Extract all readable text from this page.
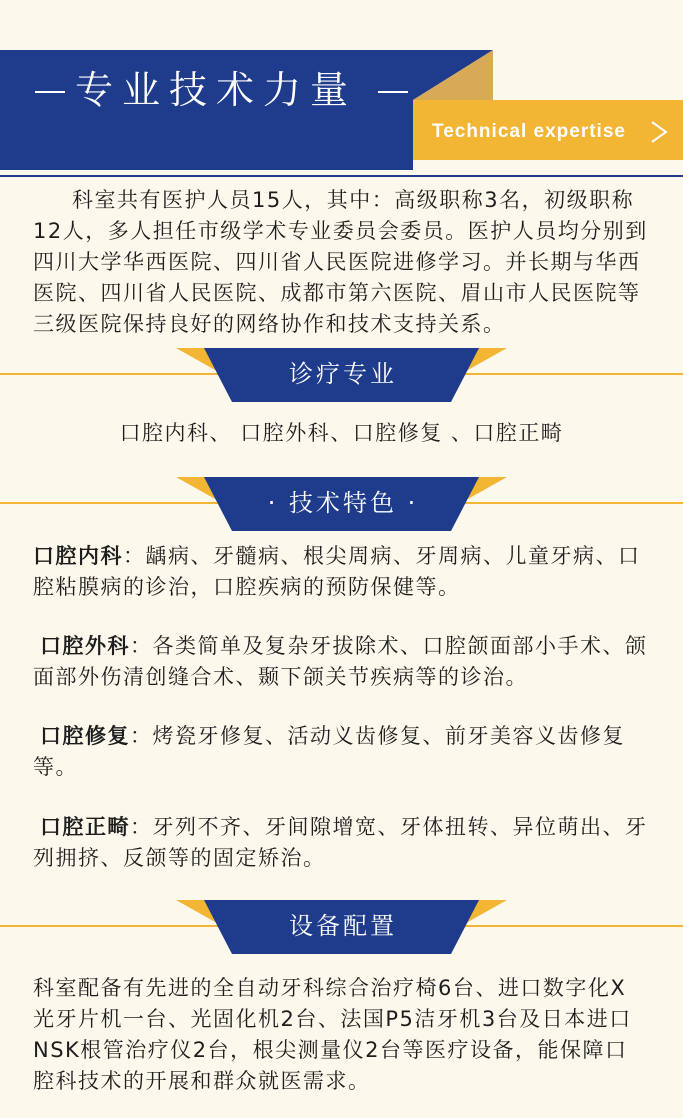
专业技术力量
Technical expertise
科室共有医护人员15人，其中：高级职称3名，初级职称
12人，多人担任市级学术专业委员会委员。医护人员均分别到
四川大学华西医院、四川省人民医院进修学习。并长期与华西
医院、四川省人民医院、成都市第六医院、眉山市人民医院等
三级医院保持良好的网络协作和技术支持关系。
诊疗专业
口腔内科、 口腔外科、口腔修复 、口腔正畸
· 技术特色 ·
口腔内科：龋病、牙髓病、根尖周病、牙周病、儿童牙病、口
腔粘膜病的诊治，口腔疾病的预防保健等。
口腔外科：各类简单及复杂牙拔除术、口腔颌面部小手术、颌
面部外伤清创缝合术、颞下颌关节疾病等的诊治。
口腔修复：烤瓷牙修复、活动义齿修复、前牙美容义齿修复
等。
口腔正畸：牙列不齐、牙间隙增宽、牙体扭转、异位萌出、牙
列拥挤、反颌等的固定矫治。
设备配置
科室配备有先进的全自动牙科综合治疗椅6台、进口数字化X
光牙片机一台、光固化机2台、法国P5洁牙机3台及日本进口
NSK根管治疗仪2台，根尖测量仪2台等医疗设备，能保障口
腔科技术的开展和群众就医需求。
